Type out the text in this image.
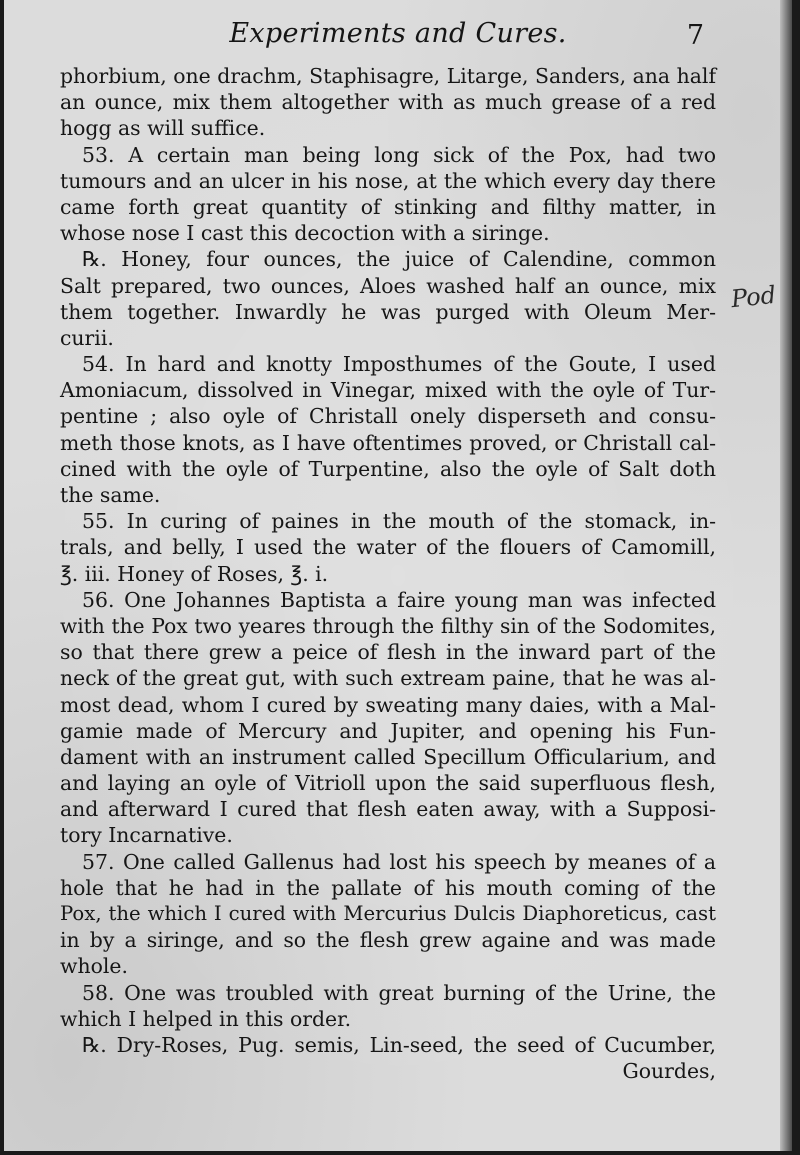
Experiments and Cures.	7
phorbium, one drachm, Staphisagre, Litarge, Sanders, ana half
an ounce, mix them altogether with as much grease of a red
hogg as will suffice.
53. A certain man being long sick of the Pox, had two
tumours and an ulcer in his nose, at the which every day there
came forth great quantity of stinking and filthy matter, in
whose nose I cast this decoction with a siringe.
℞. Honey, four ounces, the juice of Calendine, common
Salt prepared, two ounces, Aloes washed half an ounce, mix
them together. Inwardly he was purged with Oleum Mer-
curii.
54. In hard and knotty Imposthumes of the Goute, I used
Amoniacum, dissolved in Vinegar, mixed with the oyle of Tur-
pentine ; also oyle of Christall onely disperseth and consu-
meth those knots, as I have oftentimes proved, or Christall cal-
cined with the oyle of Turpentine, also the oyle of Salt doth
the same.
55. In curing of paines in the mouth of the stomack, in-
trals, and belly, I used the water of the flouers of Camomill,
℥. iii. Honey of Roses, ℥. i.
56. One Johannes Baptista a faire young man was infected
with the Pox two yeares through the filthy sin of the Sodomites,
so that there grew a peice of flesh in the inward part of the
neck of the great gut, with such extream paine, that he was al-
most dead, whom I cured by sweating many daies, with a Mal-
gamie made of Mercury and Jupiter, and opening his Fun-
dament with an instrument called Specillum Officularium, and
and laying an oyle of Vitrioll upon the said superfluous flesh,
and afterward I cured that flesh eaten away, with a Supposi-
tory Incarnative.
57. One called Gallenus had lost his speech by meanes of a
hole that he had in the pallate of his mouth coming of the
Pox, the which I cured with Mercurius Dulcis Diaphoreticus, cast
in by a siringe, and so the flesh grew againe and was made
whole.
58. One was troubled with great burning of the Urine, the
which I helped in this order.
℞. Dry-Roses, Pug. semis, Lin-seed, the seed of Cucumber,
Gourdes,
Pod
